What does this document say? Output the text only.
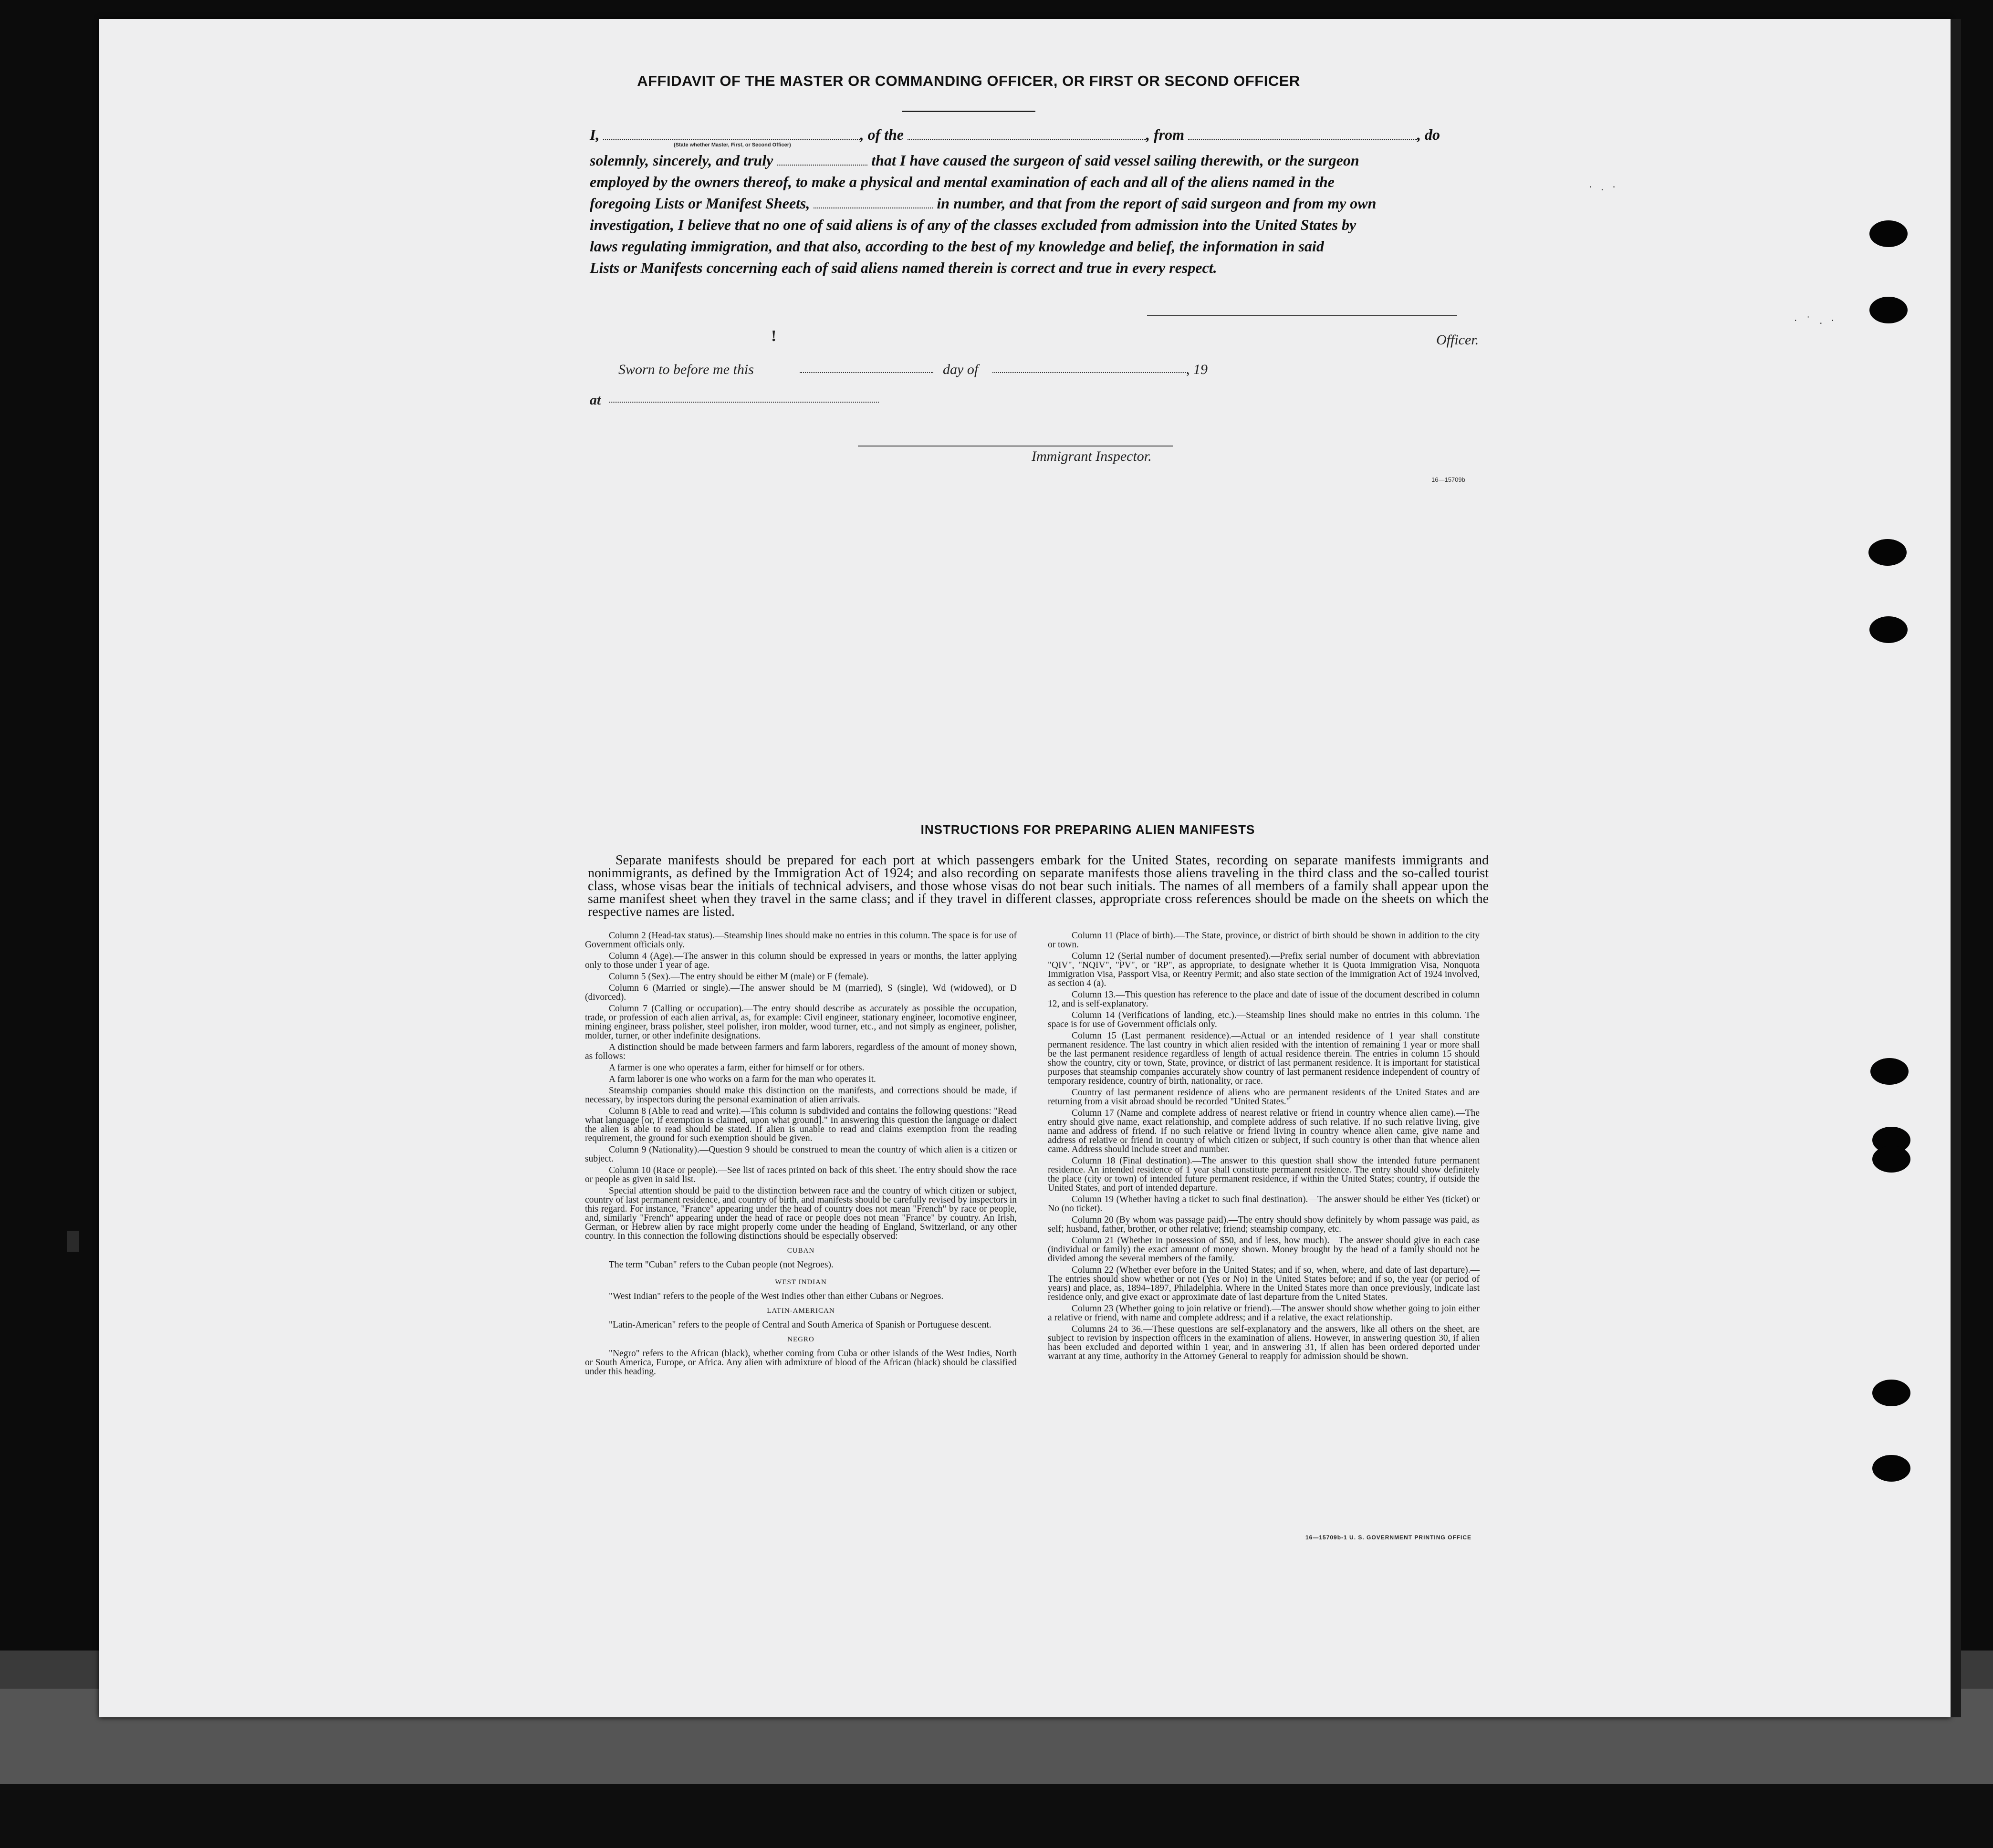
· . ·
· ˙ . ·
AFFIDAVIT OF THE MASTER OR COMMANDING OFFICER, OR FIRST OR SECOND OFFICER
I,	, of the	, from	, do
(State whether Master, First, or Second Officer)
solemnly, sincerely, and truly	that I have caused the surgeon of said vessel sailing therewith, or the surgeon
employed by the owners thereof, to make a physical and mental examination of each and all of the aliens named in the
foregoing Lists or Manifest Sheets,	in number, and that from the report of said surgeon and from my own
investigation, I believe that no one of said aliens is of any of the classes excluded from admission into the United States by
laws regulating immigration, and that also, according to the best of my knowledge and belief, the information in said
Lists or Manifests concerning each of said aliens named therein is correct and true in every respect.
Officer.
!
Sworn to before me this	day of	, 19
at
Immigrant Inspector.
16—15709b
INSTRUCTIONS FOR PREPARING ALIEN MANIFESTS

Separate manifests should be prepared for each port at which passengers embark for the United States, recording on separate manifests immigrants and nonimmigrants, as defined by the Immigration Act of 1924; and also recording on separate manifests those aliens traveling in the third class and the so-called tourist class, whose visas bear the initials of technical advisers, and those whose visas do not bear such initials. The names of all members of a family shall appear upon the same manifest sheet when they travel in the same class; and if they travel in different classes, appropriate cross references should be made on the sheets on which the respective names are listed.

Column 2 (Head-tax status).—Steamship lines should make no entries in this column. The space is for use of Government officials only.

Column 4 (Age).—The answer in this column should be expressed in years or months, the latter applying only to those under 1 year of age.

Column 5 (Sex).—The entry should be either M (male) or F (female).

Column 6 (Married or single).—The answer should be M (married), S (single), Wd (widowed), or D (divorced).

Column 7 (Calling or occupation).—The entry should describe as accurately as possible the occupation, trade, or profession of each alien arrival, as, for example: Civil engineer, stationary engineer, locomotive engineer, mining engineer, brass polisher, steel polisher, iron molder, wood turner, etc., and not simply as engineer, polisher, molder, turner, or other indefinite designations.

A distinction should be made between farmers and farm laborers, regardless of the amount of money shown, as follows:

A farmer is one who operates a farm, either for himself or for others.

A farm laborer is one who works on a farm for the man who operates it.

Steamship companies should make this distinction on the manifests, and corrections should be made, if necessary, by inspectors during the personal examination of alien arrivals.

Column 8 (Able to read and write).—This column is subdivided and contains the following questions: "Read what language [or, if exemption is claimed, upon what ground]." In answering this question the language or dialect the alien is able to read should be stated. If alien is unable to read and claims exemption from the reading requirement, the ground for such exemption should be given.

Column 9 (Nationality).—Question 9 should be construed to mean the country of which alien is a citizen or subject.

Column 10 (Race or people).—See list of races printed on back of this sheet. The entry should show the race or people as given in said list.

Special attention should be paid to the distinction between race and the country of which citizen or subject, country of last permanent residence, and country of birth, and manifests should be carefully revised by inspectors in this regard. For instance, "France" appearing under the head of country does not mean "French" by race or people, and, similarly "French" appearing under the head of race or people does not mean "France" by country. An Irish, German, or Hebrew alien by race might properly come under the heading of England, Switzerland, or any other country. In this connection the following distinctions should be especially observed:

CUBAN

The term "Cuban" refers to the Cuban people (not Negroes).

WEST INDIAN

"West Indian" refers to the people of the West Indies other than either Cubans or Negroes.

LATIN-AMERICAN

"Latin-American" refers to the people of Central and South America of Spanish or Portuguese descent.

NEGRO

"Negro" refers to the African (black), whether coming from Cuba or other islands of the West Indies, North or South America, Europe, or Africa. Any alien with admixture of blood of the African (black) should be classified under this heading.

Column 11 (Place of birth).—The State, province, or district of birth should be shown in addition to the city or town.

Column 12 (Serial number of document presented).—Prefix serial number of document with abbreviation "QIV", "NQIV", "PV", or "RP", as appropriate, to designate whether it is Quota Immigration Visa, Nonquota Immigration Visa, Passport Visa, or Reentry Permit; and also state section of the Immigration Act of 1924 involved, as section 4 (a).

Column 13.—This question has reference to the place and date of issue of the document described in column 12, and is self-explanatory.

Column 14 (Verifications of landing, etc.).—Steamship lines should make no entries in this column. The space is for use of Government officials only.

Column 15 (Last permanent residence).—Actual or an intended residence of 1 year shall constitute permanent residence. The last country in which alien resided with the intention of remaining 1 year or more shall be the last permanent residence regardless of length of actual residence therein. The entries in column 15 should show the country, city or town, State, province, or district of last permanent residence. It is important for statistical purposes that steamship companies accurately show country of last permanent residence independent of country of temporary residence, country of birth, nationality, or race.

Country of last permanent residence of aliens who are permanent residents of the United States and are returning from a visit abroad should be recorded "United States."

Column 17 (Name and complete address of nearest relative or friend in country whence alien came).—The entry should give name, exact relationship, and complete address of such relative. If no such relative living, give name and address of friend. If no such relative or friend living in country whence alien came, give name and address of relative or friend in country of which citizen or subject, if such country is other than that whence alien came. Address should include street and number.

Column 18 (Final destination).—The answer to this question shall show the intended future permanent residence. An intended residence of 1 year shall constitute permanent residence. The entry should show definitely the place (city or town) of intended future permanent residence, if within the United States; country, if outside the United States, and port of intended departure.

Column 19 (Whether having a ticket to such final destination).—The answer should be either Yes (ticket) or No (no ticket).

Column 20 (By whom was passage paid).—The entry should show definitely by whom passage was paid, as self; husband, father, brother, or other relative; friend; steamship company, etc.

Column 21 (Whether in possession of $50, and if less, how much).—The answer should give in each case (individual or family) the exact amount of money shown. Money brought by the head of a family should not be divided among the several members of the family.

Column 22 (Whether ever before in the United States; and if so, when, where, and date of last departure).—The entries should show whether or not (Yes or No) in the United States before; and if so, the year (or period of years) and place, as, 1894–1897, Philadelphia. Where in the United States more than once previously, indicate last residence only, and give exact or approximate date of last departure from the United States.

Column 23 (Whether going to join relative or friend).—The answer should show whether going to join either a relative or friend, with name and complete address; and if a relative, the exact relationship.

Columns 24 to 36.—These questions are self-explanatory and the answers, like all others on the sheet, are subject to revision by inspection officers in the examination of aliens. However, in answering question 30, if alien has been excluded and deported within 1 year, and in answering 31, if alien has been ordered deported under warrant at any time, authority in the Attorney General to reapply for admission should be shown.

16—15709b-1 U. S. GOVERNMENT PRINTING OFFICE
